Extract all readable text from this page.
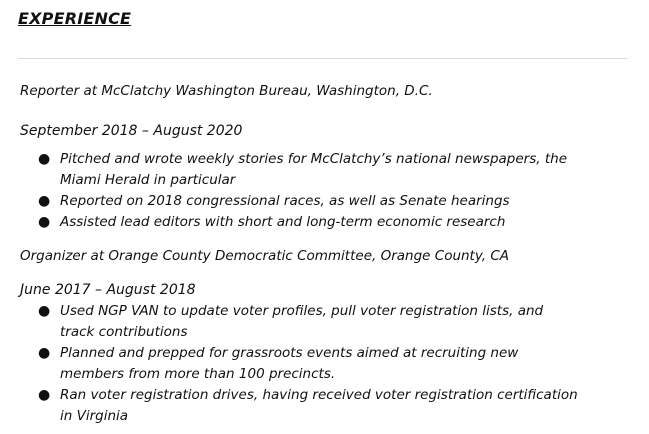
EXPERIENCE

Reporter at McClatchy Washington Bureau, Washington, D.C.

September 2018 – August 2020

● Pitched and wrote weekly stories for McClatchy’s national newspapers, the Miami Herald in particular
● Reported on 2018 congressional races, as well as Senate hearings
● Assisted lead editors with short and long-term economic research

Organizer at Orange County Democratic Committee, Orange County, CA

June 2017 – August 2018

● Used NGP VAN to update voter profiles, pull voter registration lists, and track contributions
● Planned and prepped for grassroots events aimed at recruiting new members from more than 100 precincts.
● Ran voter registration drives, having received voter registration certification in Virginia
